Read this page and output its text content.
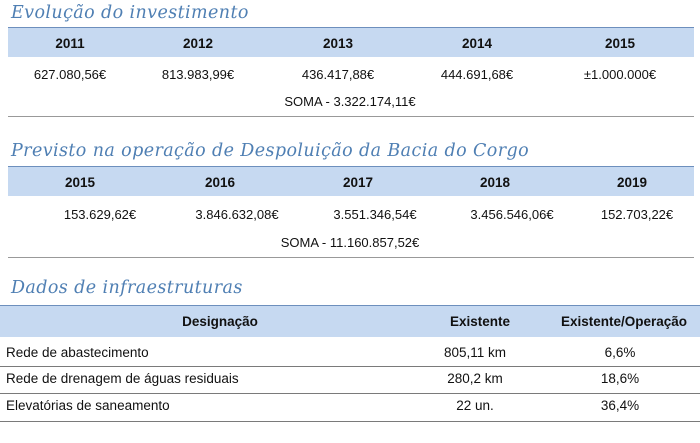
Evolução do investimento
2011	2012	2013	2014	2015
627.080,56€	813.983,99€	436.417,88€	444.691,68€	±1.000.000€
SOMA - 3.322.174,11€
Previsto na operação de Despoluição da Bacia do Corgo
2015	2016	2017	2018	2019
153.629,62€	3.846.632,08€	3.551.346,54€	3.456.546,06€	152.703,22€
SOMA - 11.160.857,52€
Dados de infraestruturas
Designação	Existente	Existente/Operação
Rede de abastecimento	805,11 km	6,6%
Rede de drenagem de águas residuais	280,2 km	18,6%
Elevatórias de saneamento	22 un.	36,4%
